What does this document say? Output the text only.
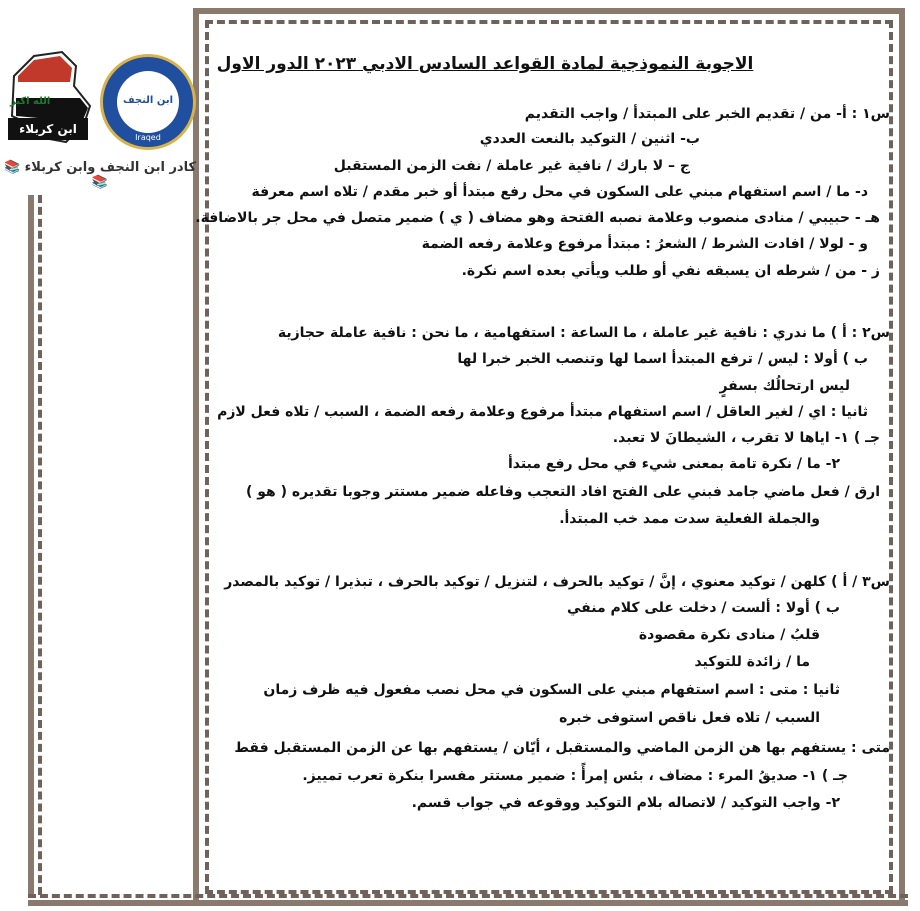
الله اكبر
ابن كربلاء
ابن النجف
Iraqed
📚 كادر ابن النجف وابن كربلاء 📚
الاجوبة النموذجية لمادة القواعد السادس الادبي ٢٠٢٣ الدور الاول
س١ : أ- من / تقديم الخبر على المبتدأ / واجب التقديم
ب- اثنين / التوكيد بالنعت العددي
ج – لا بارك / نافية غير عاملة / نفت الزمن المستقبل
د- ما / اسم استفهام مبني على السكون في محل رفع مبتدأ أو خبر مقدم / تلاه اسم معرفة
هـ - حبيبي / منادى منصوب وعلامة نصبه الفتحة وهو مضاف ( ي ) ضمير متصل في محل جر بالاضافة.
و - لولا / افادت الشرط / الشعرُ : مبتدأ مرفوع وعلامة رفعه الضمة
ز - من / شرطه ان يسبقه نفي أو طلب ويأتي بعده اسم نكرة.
س٢ : أ ) ما ندري : نافية غير عاملة ، ما الساعة : استفهامية ، ما نحن : نافية عاملة حجازية
ب ) أولا : ليس / ترفع المبتدأ اسما لها وتنصب الخبر خبرا لها
ليس ارتحالُك بسفرٍ
ثانيا : اي / لغير العاقل / اسم استفهام مبتدأ مرفوع وعلامة رفعه الضمة ، السبب / تلاه فعل لازم
جـ ) ١- اياها لا تقرب ، الشيطانَ لا تعبد.
٢- ما / نكرة تامة بمعنى شيء في محل رفع مبتدأ
ارق / فعل ماضي جامد فبني على الفتح افاد التعجب وفاعله ضمير مستتر وجوبا تقديره ( هو )
والجملة الفعلية سدت ممد خب المبتدأ.
س٣ / أ ) كلهن / توكيد معنوي ، إنَّ / توكيد بالحرف ، لتنزيل / توكيد بالحرف ، تبذيرا / توكيد بالمصدر
ب ) أولا : ألست / دخلت على كلام منفي
قلبُ / منادى نكرة مقصودة
ما / زائدة للتوكيد
ثانيا : متى : اسم استفهام مبني على السكون في محل نصب مفعول فيه ظرف زمان
السبب / تلاه فعل ناقص استوفى خبره
متى : يستفهم بها هن الزمن الماضي والمستقبل ، أيّان / يستفهم بها عن الزمن المستقبل فقط
جـ ) ١- صديقُ المرء : مضاف ، بئس إمرأً : ضمير مستتر مفسرا بنكرة تعرب تمييز.
٢- واجب التوكيد / لاتصاله بلام التوكيد ووقوعه في جواب قسم.
